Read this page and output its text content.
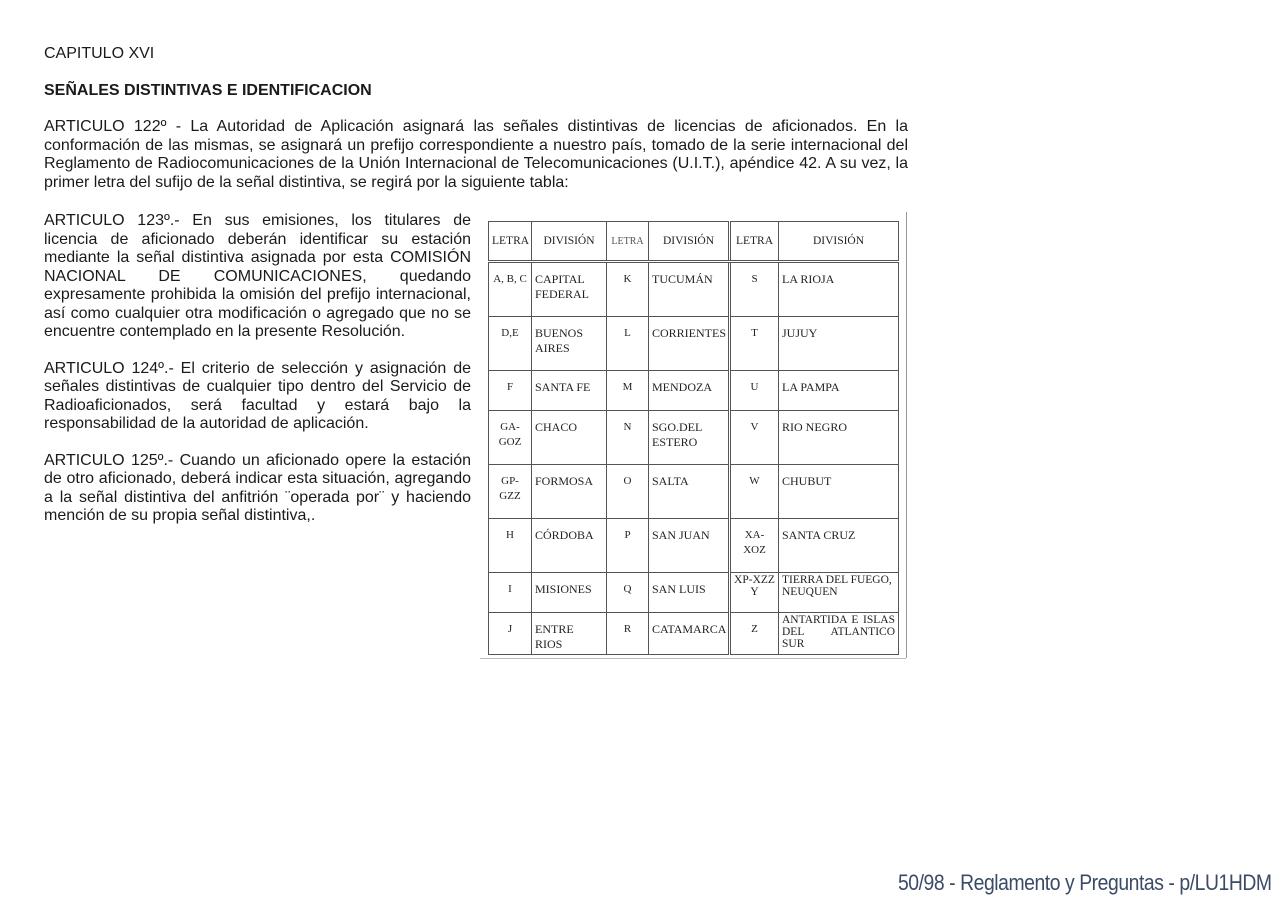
CAPITULO XVI

SEÑALES DISTINTIVAS E IDENTIFICACION

ARTICULO 122º - La Autoridad de Aplicación asignará las señales distintivas de licencias de aficionados. En la conformación de las mismas, se asignará un prefijo correspondiente a nuestro país, tomado de la serie internacional del Reglamento de Radiocomunicaciones de la Unión Internacional de Telecomunicaciones (U.I.T.), apéndice 42. A su vez, la primer letra del sufijo de la señal distintiva, se regirá por la siguiente tabla:

ARTICULO 123º.- En sus emisiones, los titulares de licencia de aficionado deberán identificar su estación mediante la señal distintiva asignada por esta COMISIÓN NACIONAL DE COMUNICACIONES, quedando expresamente prohibida la omisión del prefijo internacional, así como cualquier otra modificación o agregado que no se encuentre contemplado en la presente Resolución.

ARTICULO 124º.- El criterio de selección y asignación de señales distintivas de cualquier tipo dentro del Servicio de Radioaficionados, será facultad y estará bajo la responsabilidad de la autoridad de aplicación.

ARTICULO 125º.- Cuando un aficionado opere la estación de otro aficionado, deberá indicar esta situación, agregando a la señal distintiva del anfitrión ¨operada por¨ y haciendo mención de su propia señal distintiva,.

LETRA	DIVISIÓN	LETRA	DIVISIÓN	LETRA	DIVISIÓN
A, B, C	CAPITAL FEDERAL	K	TUCUMÁN	S	LA RIOJA
D,E	BUENOS AIRES	L	CORRIENTES	T	JUJUY
F	SANTA FE	M	MENDOZA	U	LA PAMPA
GA-GOZ	CHACO	N	SGO.DEL ESTERO	V	RIO NEGRO
GP-GZZ	FORMOSA	O	SALTA	W	CHUBUT
H	CÓRDOBA	P	SAN JUAN	XA-XOZ	SANTA CRUZ
I	MISIONES	Q	SAN LUIS	XP-XZZ Y	TIERRA DEL FUEGO, NEUQUEN
J	ENTRE RIOS	R	CATAMARCA	Z	ANTARTIDA E ISLAS DEL ATLANTICO SUR
50/98 - Reglamento y Preguntas - p/LU1HDM
